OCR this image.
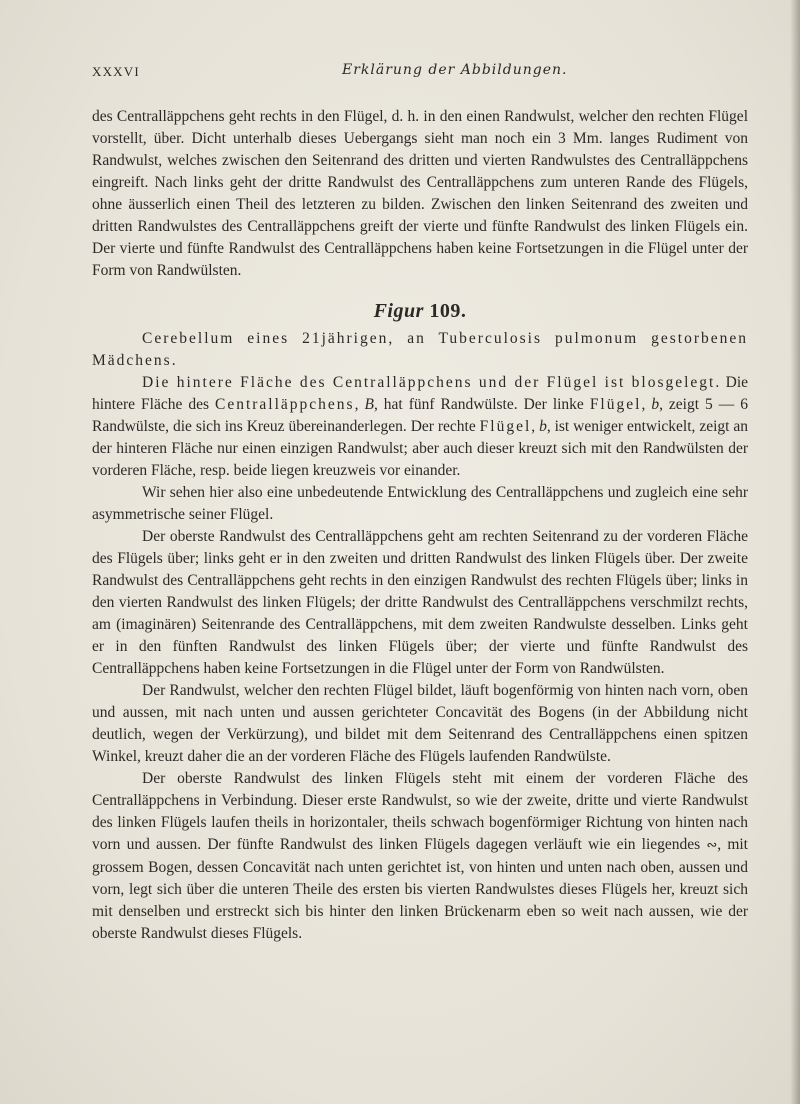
XXXVI	Erklärung der Abbildungen.

des Centralläppchens geht rechts in den Flügel, d. h. in den einen Randwulst, welcher den rechten Flügel vorstellt, über. Dicht unterhalb dieses Uebergangs sieht man noch ein 3 Mm. langes Rudiment von Randwulst, welches zwischen den Seitenrand des dritten und vierten Randwulstes des Centralläppchens eingreift. Nach links geht der dritte Randwulst des Centralläppchens zum unteren Rande des Flügels, ohne äusserlich einen Theil des letzteren zu bilden. Zwischen den linken Seitenrand des zweiten und dritten Randwulstes des Centralläppchens greift der vierte und fünfte Randwulst des linken Flügels ein. Der vierte und fünfte Randwulst des Centralläppchens haben keine Fortsetzungen in die Flügel unter der Form von Randwülsten.

Figur 109.

Cerebellum eines 21jährigen, an Tuberculosis pulmonum gestorbenen Mädchens.

Die hintere Fläche des Centralläppchens und der Flügel ist blosgelegt. Die hintere Fläche des Centralläppchens, B, hat fünf Randwülste. Der linke Flügel, b, zeigt 5 — 6 Randwülste, die sich ins Kreuz übereinanderlegen. Der rechte Flügel, b, ist weniger entwickelt, zeigt an der hinteren Fläche nur einen einzigen Randwulst; aber auch dieser kreuzt sich mit den Randwülsten der vorderen Fläche, resp. beide liegen kreuzweis vor einander.

Wir sehen hier also eine unbedeutende Entwicklung des Centralläppchens und zugleich eine sehr asymmetrische seiner Flügel.

Der oberste Randwulst des Centralläppchens geht am rechten Seitenrand zu der vorderen Fläche des Flügels über; links geht er in den zweiten und dritten Randwulst des linken Flügels über. Der zweite Randwulst des Centralläppchens geht rechts in den einzigen Randwulst des rechten Flügels über; links in den vierten Randwulst des linken Flügels; der dritte Randwulst des Centralläppchens verschmilzt rechts, am (imaginären) Seitenrande des Centralläppchens, mit dem zweiten Randwulste desselben. Links geht er in den fünften Randwulst des linken Flügels über; der vierte und fünfte Randwulst des Centralläppchens haben keine Fortsetzungen in die Flügel unter der Form von Randwülsten.

Der Randwulst, welcher den rechten Flügel bildet, läuft bogenförmig von hinten nach vorn, oben und aussen, mit nach unten und aussen gerichteter Concavität des Bogens (in der Abbildung nicht deutlich, wegen der Verkürzung), und bildet mit dem Seitenrand des Centralläppchens einen spitzen Winkel, kreuzt daher die an der vorderen Fläche des Flügels laufenden Randwülste.

Der oberste Randwulst des linken Flügels steht mit einem der vorderen Fläche des Centralläppchens in Verbindung. Dieser erste Randwulst, so wie der zweite, dritte und vierte Randwulst des linken Flügels laufen theils in horizontaler, theils schwach bogenförmiger Richtung von hinten nach vorn und aussen. Der fünfte Randwulst des linken Flügels dagegen verläuft wie ein liegendes ∾, mit grossem Bogen, dessen Concavität nach unten gerichtet ist, von hinten und unten nach oben, aussen und vorn, legt sich über die unteren Theile des ersten bis vierten Randwulstes dieses Flügels her, kreuzt sich mit denselben und erstreckt sich bis hinter den linken Brückenarm eben so weit nach aussen, wie der oberste Randwulst dieses Flügels.
